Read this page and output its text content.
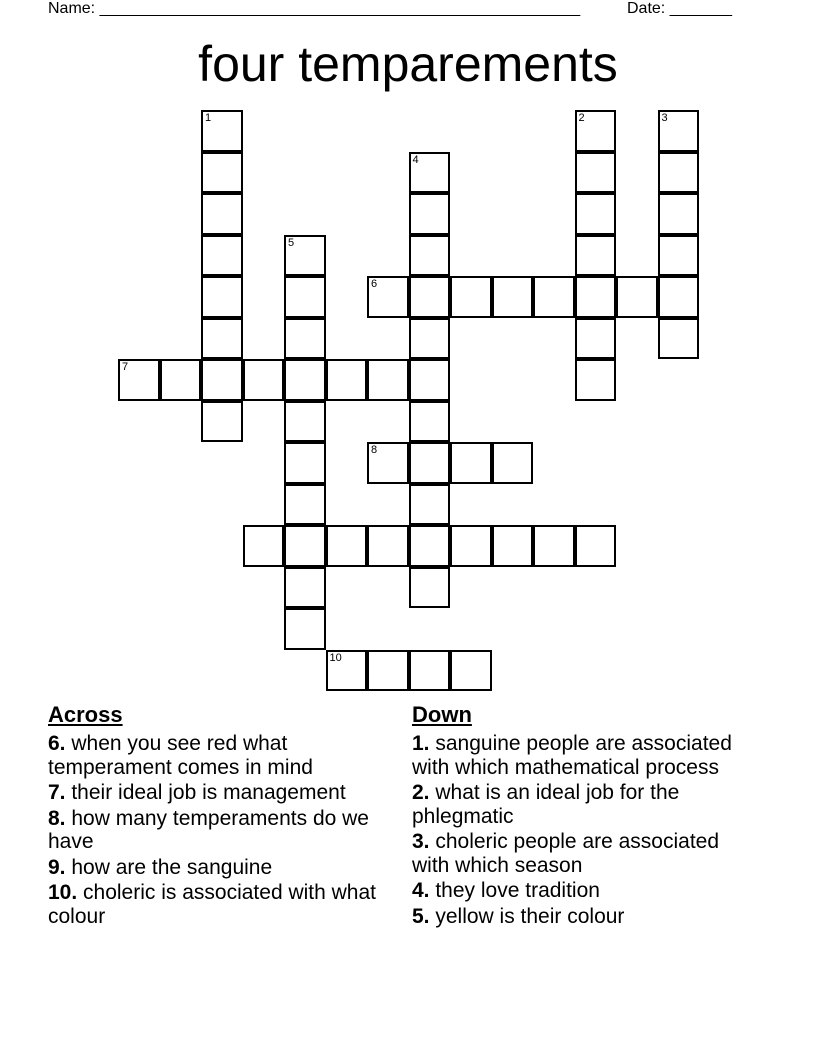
Name: ______________________________________________________	Date: _______
four temparements
1	2	3
4
5
6
7
8
10
Across
6. when you see red what temperament comes in mind
7. their ideal job is management
8. how many temperaments do we have
9. how are the sanguine
10. choleric is associated with what colour
Down
1. sanguine people are associated with which mathematical process
2. what is an ideal job for the phlegmatic
3. choleric people are associated with which season
4. they love tradition
5. yellow is their colour
